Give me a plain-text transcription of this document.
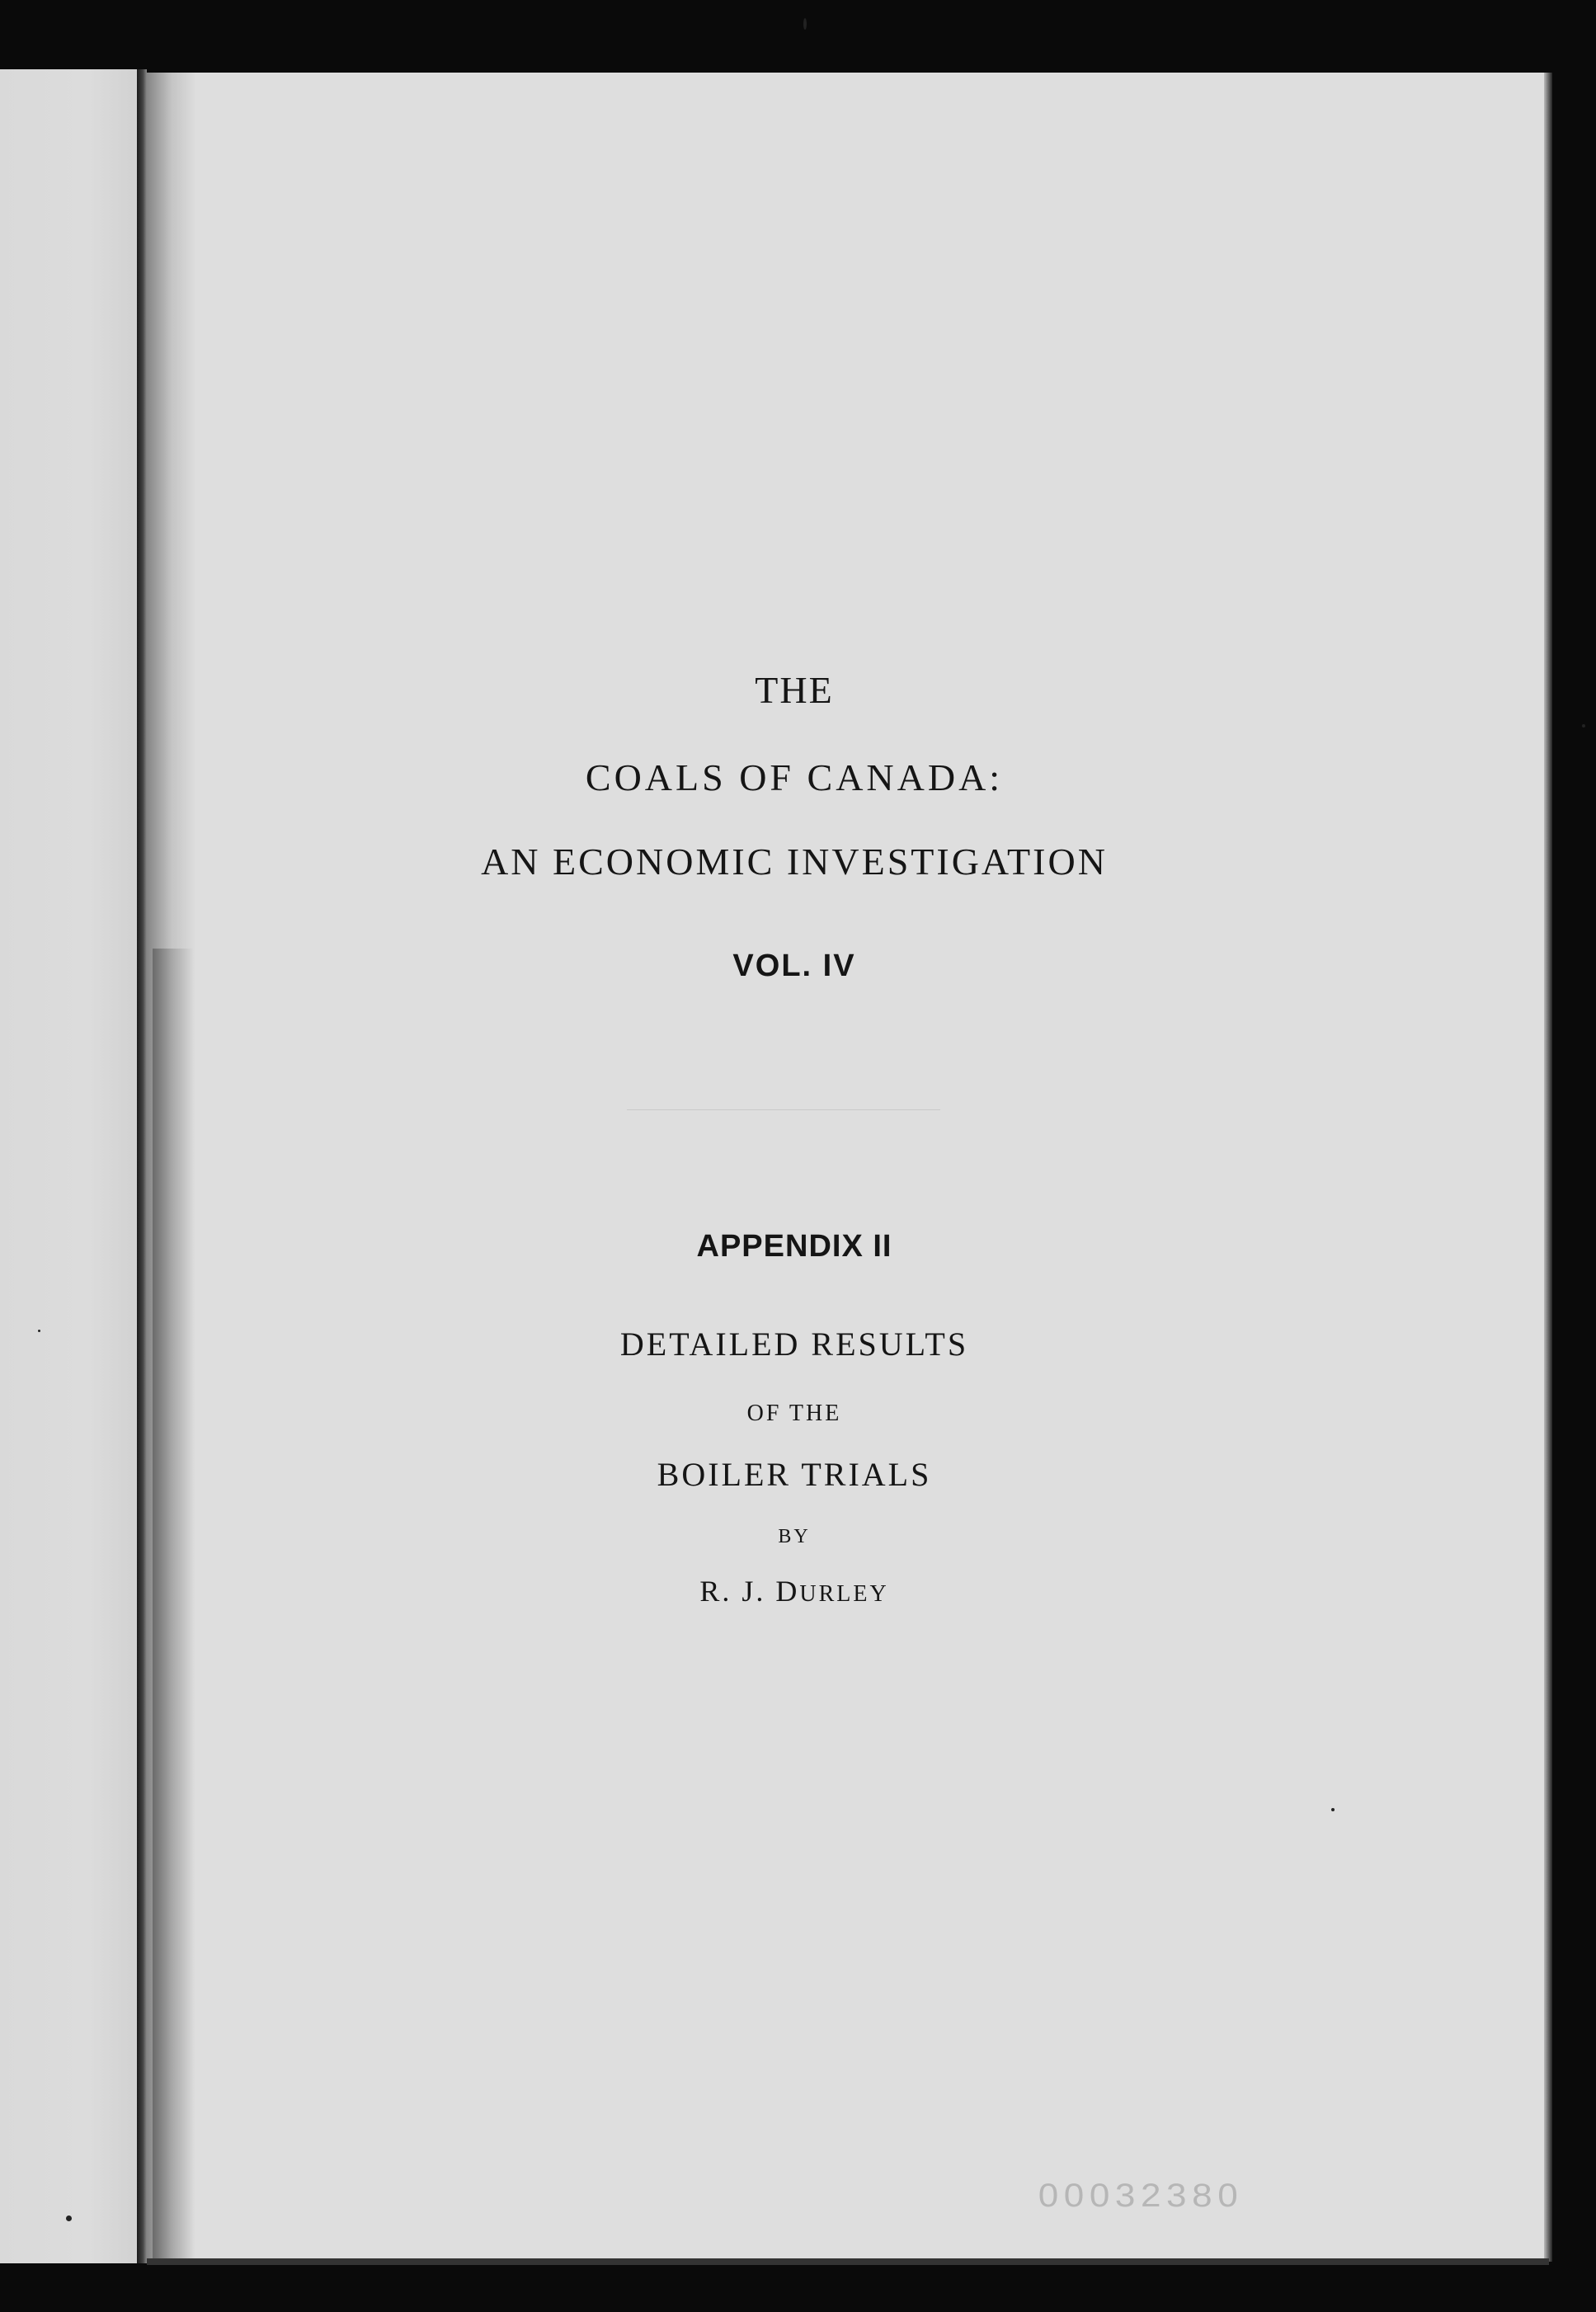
THE
COALS OF CANADA:
AN ECONOMIC INVESTIGATION
VOL. IV
APPENDIX II
DETAILED RESULTS
OF THE
BOILER TRIALS
BY
R. J. DURLEY
00032380
